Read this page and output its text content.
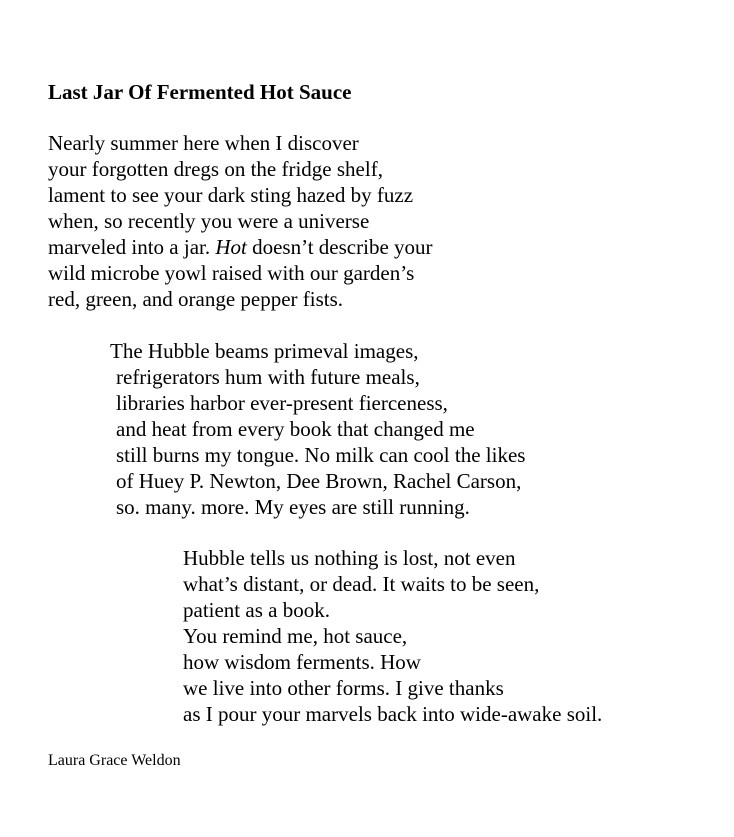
Last Jar Of Fermented Hot Sauce
Nearly summer here when I discover
your forgotten dregs on the fridge shelf,
lament to see your dark sting hazed by fuzz
when, so recently you were a universe
marveled into a jar. Hot doesn’t describe your
wild microbe yowl raised with our garden’s
red, green, and orange pepper fists.
The Hubble beams primeval images,
refrigerators hum with future meals,
libraries harbor ever-present fierceness,
and heat from every book that changed me
still burns my tongue. No milk can cool the likes
of Huey P. Newton, Dee Brown, Rachel Carson,
so. many. more. My eyes are still running.
Hubble tells us nothing is lost, not even
what’s distant, or dead. It waits to be seen,
patient as a book.
You remind me, hot sauce,
how wisdom ferments. How
we live into other forms. I give thanks
as I pour your marvels back into wide-awake soil.

Laura Grace Weldon
